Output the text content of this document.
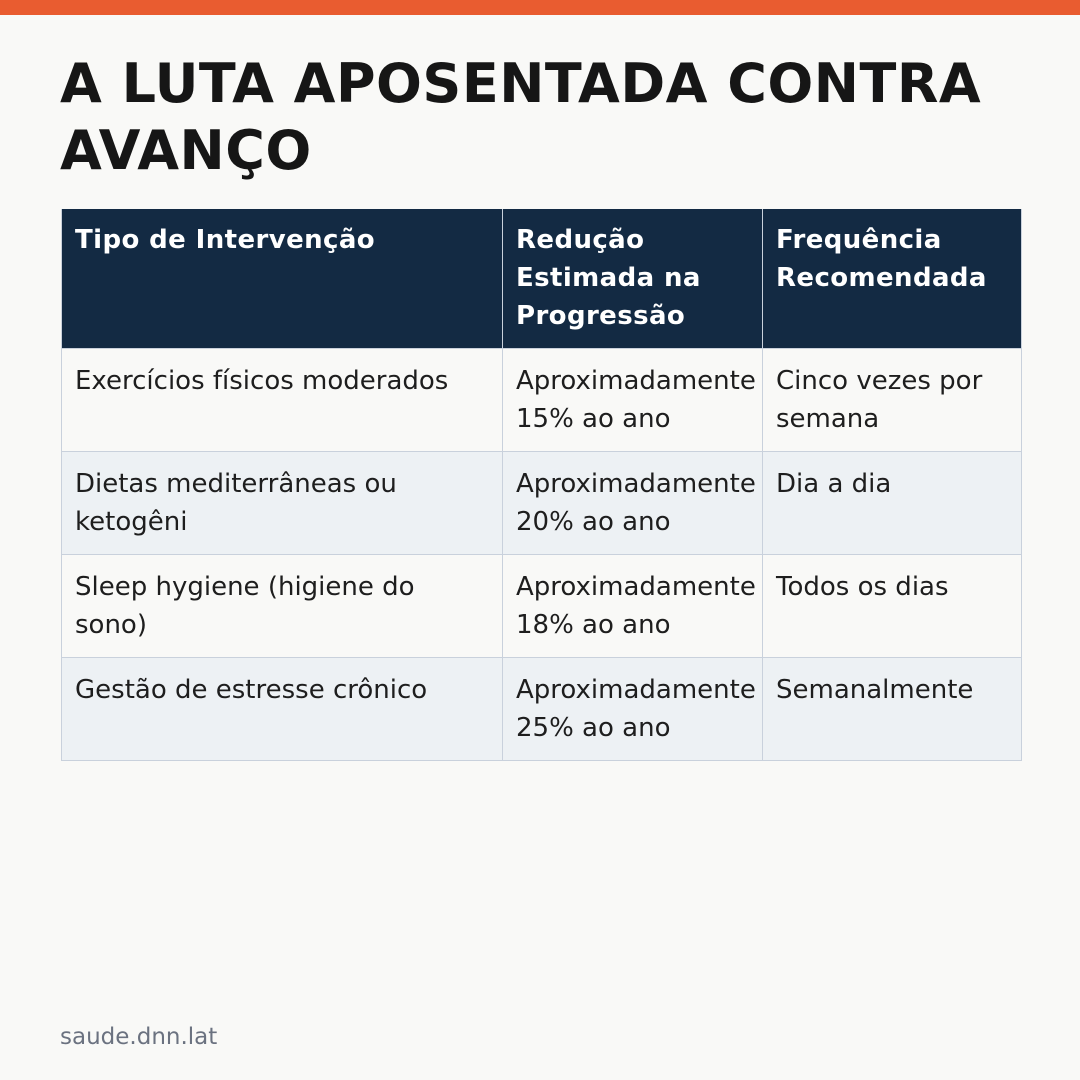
A LUTA APOSENTADA CONTRA AVANÇO
Tipo de Intervenção	Redução Estimada na Progressão	Frequência Recomendada
Exercícios físicos moderados	Aproximadamente 15% ao ano	Cinco vezes por semana
Dietas mediterrâneas ou ketogêni	Aproximadamente 20% ao ano	Dia a dia
Sleep hygiene (higiene do sono)	Aproximadamente 18% ao ano	Todos os dias
Gestão de estresse crônico	Aproximadamente 25% ao ano	Semanalmente
saude.dnn.lat
